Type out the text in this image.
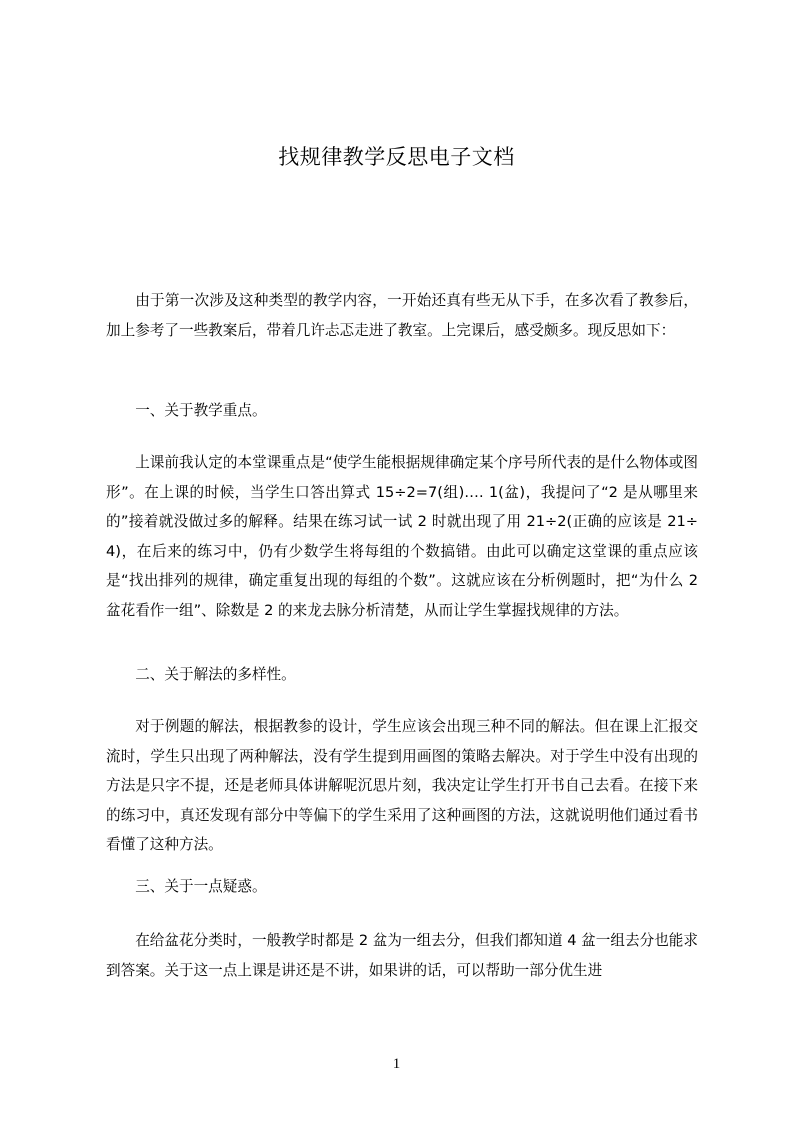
找规律教学反思电子文档

由于第一次涉及这种类型的教学内容，一开始还真有些无从下手，在多次看了教参后，加上参考了一些教案后，带着几许忐忑走进了教室。上完课后，感受颇多。现反思如下：

一、关于教学重点。

上课前我认定的本堂课重点是“使学生能根据规律确定某个序号所代表的是什么物体或图形”。在上课的时候，当学生口答出算式 15÷2=7(组)‥‥ 1(盆)，我提问了“2 是从哪里来的”接着就没做过多的解释。结果在练习试一试 2 时就出现了用 21÷2(正确的应该是 21÷4)，在后来的练习中，仍有少数学生将每组的个数搞错。由此可以确定这堂课的重点应该是“找出排列的规律，确定重复出现的每组的个数”。这就应该在分析例题时，把“为什么 2 盆花看作一组”、除数是 2 的来龙去脉分析清楚，从而让学生掌握找规律的方法。

二、关于解法的多样性。

对于例题的解法，根据教参的设计，学生应该会出现三种不同的解法。但在课上汇报交流时，学生只出现了两种解法，没有学生提到用画图的策略去解决。对于学生中没有出现的方法是只字不提，还是老师具体讲解呢沉思片刻，我决定让学生打开书自己去看。在接下来的练习中，真还发现有部分中等偏下的学生采用了这种画图的方法，这就说明他们通过看书看懂了这种方法。

三、关于一点疑惑。

在给盆花分类时，一般教学时都是 2 盆为一组去分，但我们都知道 4 盆一组去分也能求到答案。关于这一点上课是讲还是不讲，如果讲的话，可以帮助一部分优生进

1
